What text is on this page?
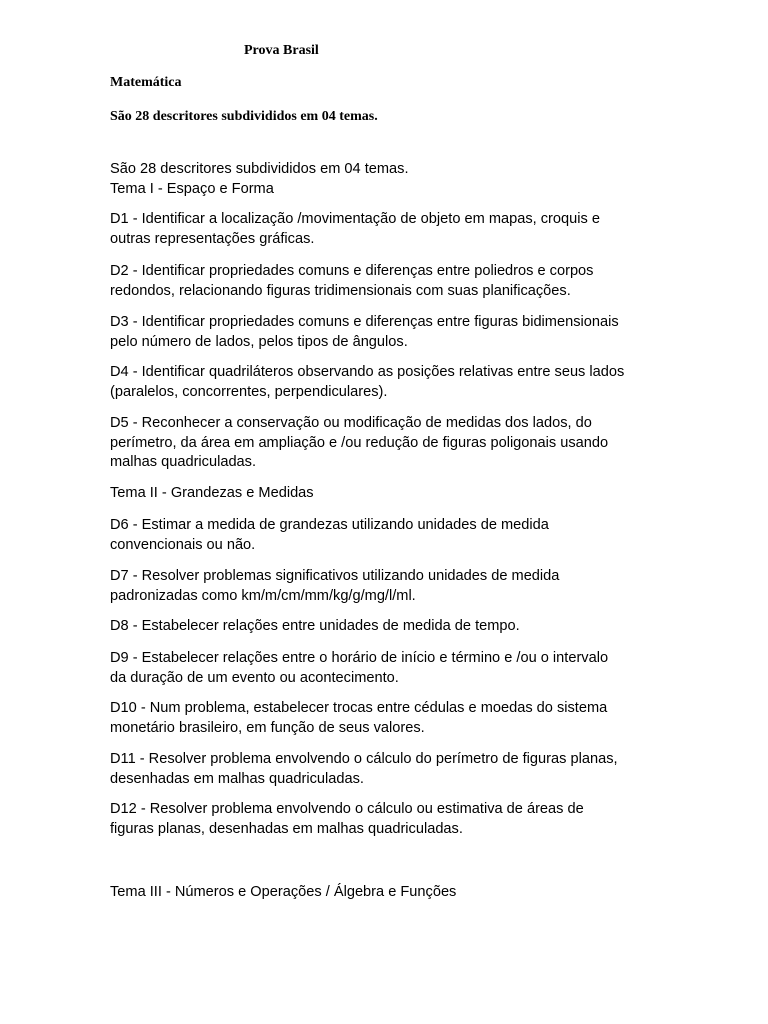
Prova Brasil
Matemática
São 28 descritores subdivididos em 04 temas.
São 28 descritores subdivididos em 04 temas.
Tema I - Espaço e Forma
D1 - Identificar a localização /movimentação de objeto em mapas, croquis e
outras representações gráficas.
D2 - Identificar propriedades comuns e diferenças entre poliedros e corpos
redondos, relacionando figuras tridimensionais com suas planificações.
D3 - Identificar propriedades comuns e diferenças entre figuras bidimensionais
pelo número de lados, pelos tipos de ângulos.
D4 - Identificar quadriláteros observando as posições relativas entre seus lados
(paralelos, concorrentes, perpendiculares).
D5 - Reconhecer a conservação ou modificação de medidas dos lados, do
perímetro, da área em ampliação e /ou redução de figuras poligonais usando
malhas quadriculadas.
Tema II - Grandezas e Medidas
D6 - Estimar a medida de grandezas utilizando unidades de medida
convencionais ou não.
D7 - Resolver problemas significativos utilizando unidades de medida
padronizadas como km/m/cm/mm/kg/g/mg/l/ml.
D8 - Estabelecer relações entre unidades de medida de tempo.
D9 - Estabelecer relações entre o horário de início e término e /ou o intervalo
da duração de um evento ou acontecimento.
D10 - Num problema, estabelecer trocas entre cédulas e moedas do sistema
monetário brasileiro, em função de seus valores.
D11 - Resolver problema envolvendo o cálculo do perímetro de figuras planas,
desenhadas em malhas quadriculadas.
D12 - Resolver problema envolvendo o cálculo ou estimativa de áreas de
figuras planas, desenhadas em malhas quadriculadas.
Tema III - Números e Operações / Álgebra e Funções
